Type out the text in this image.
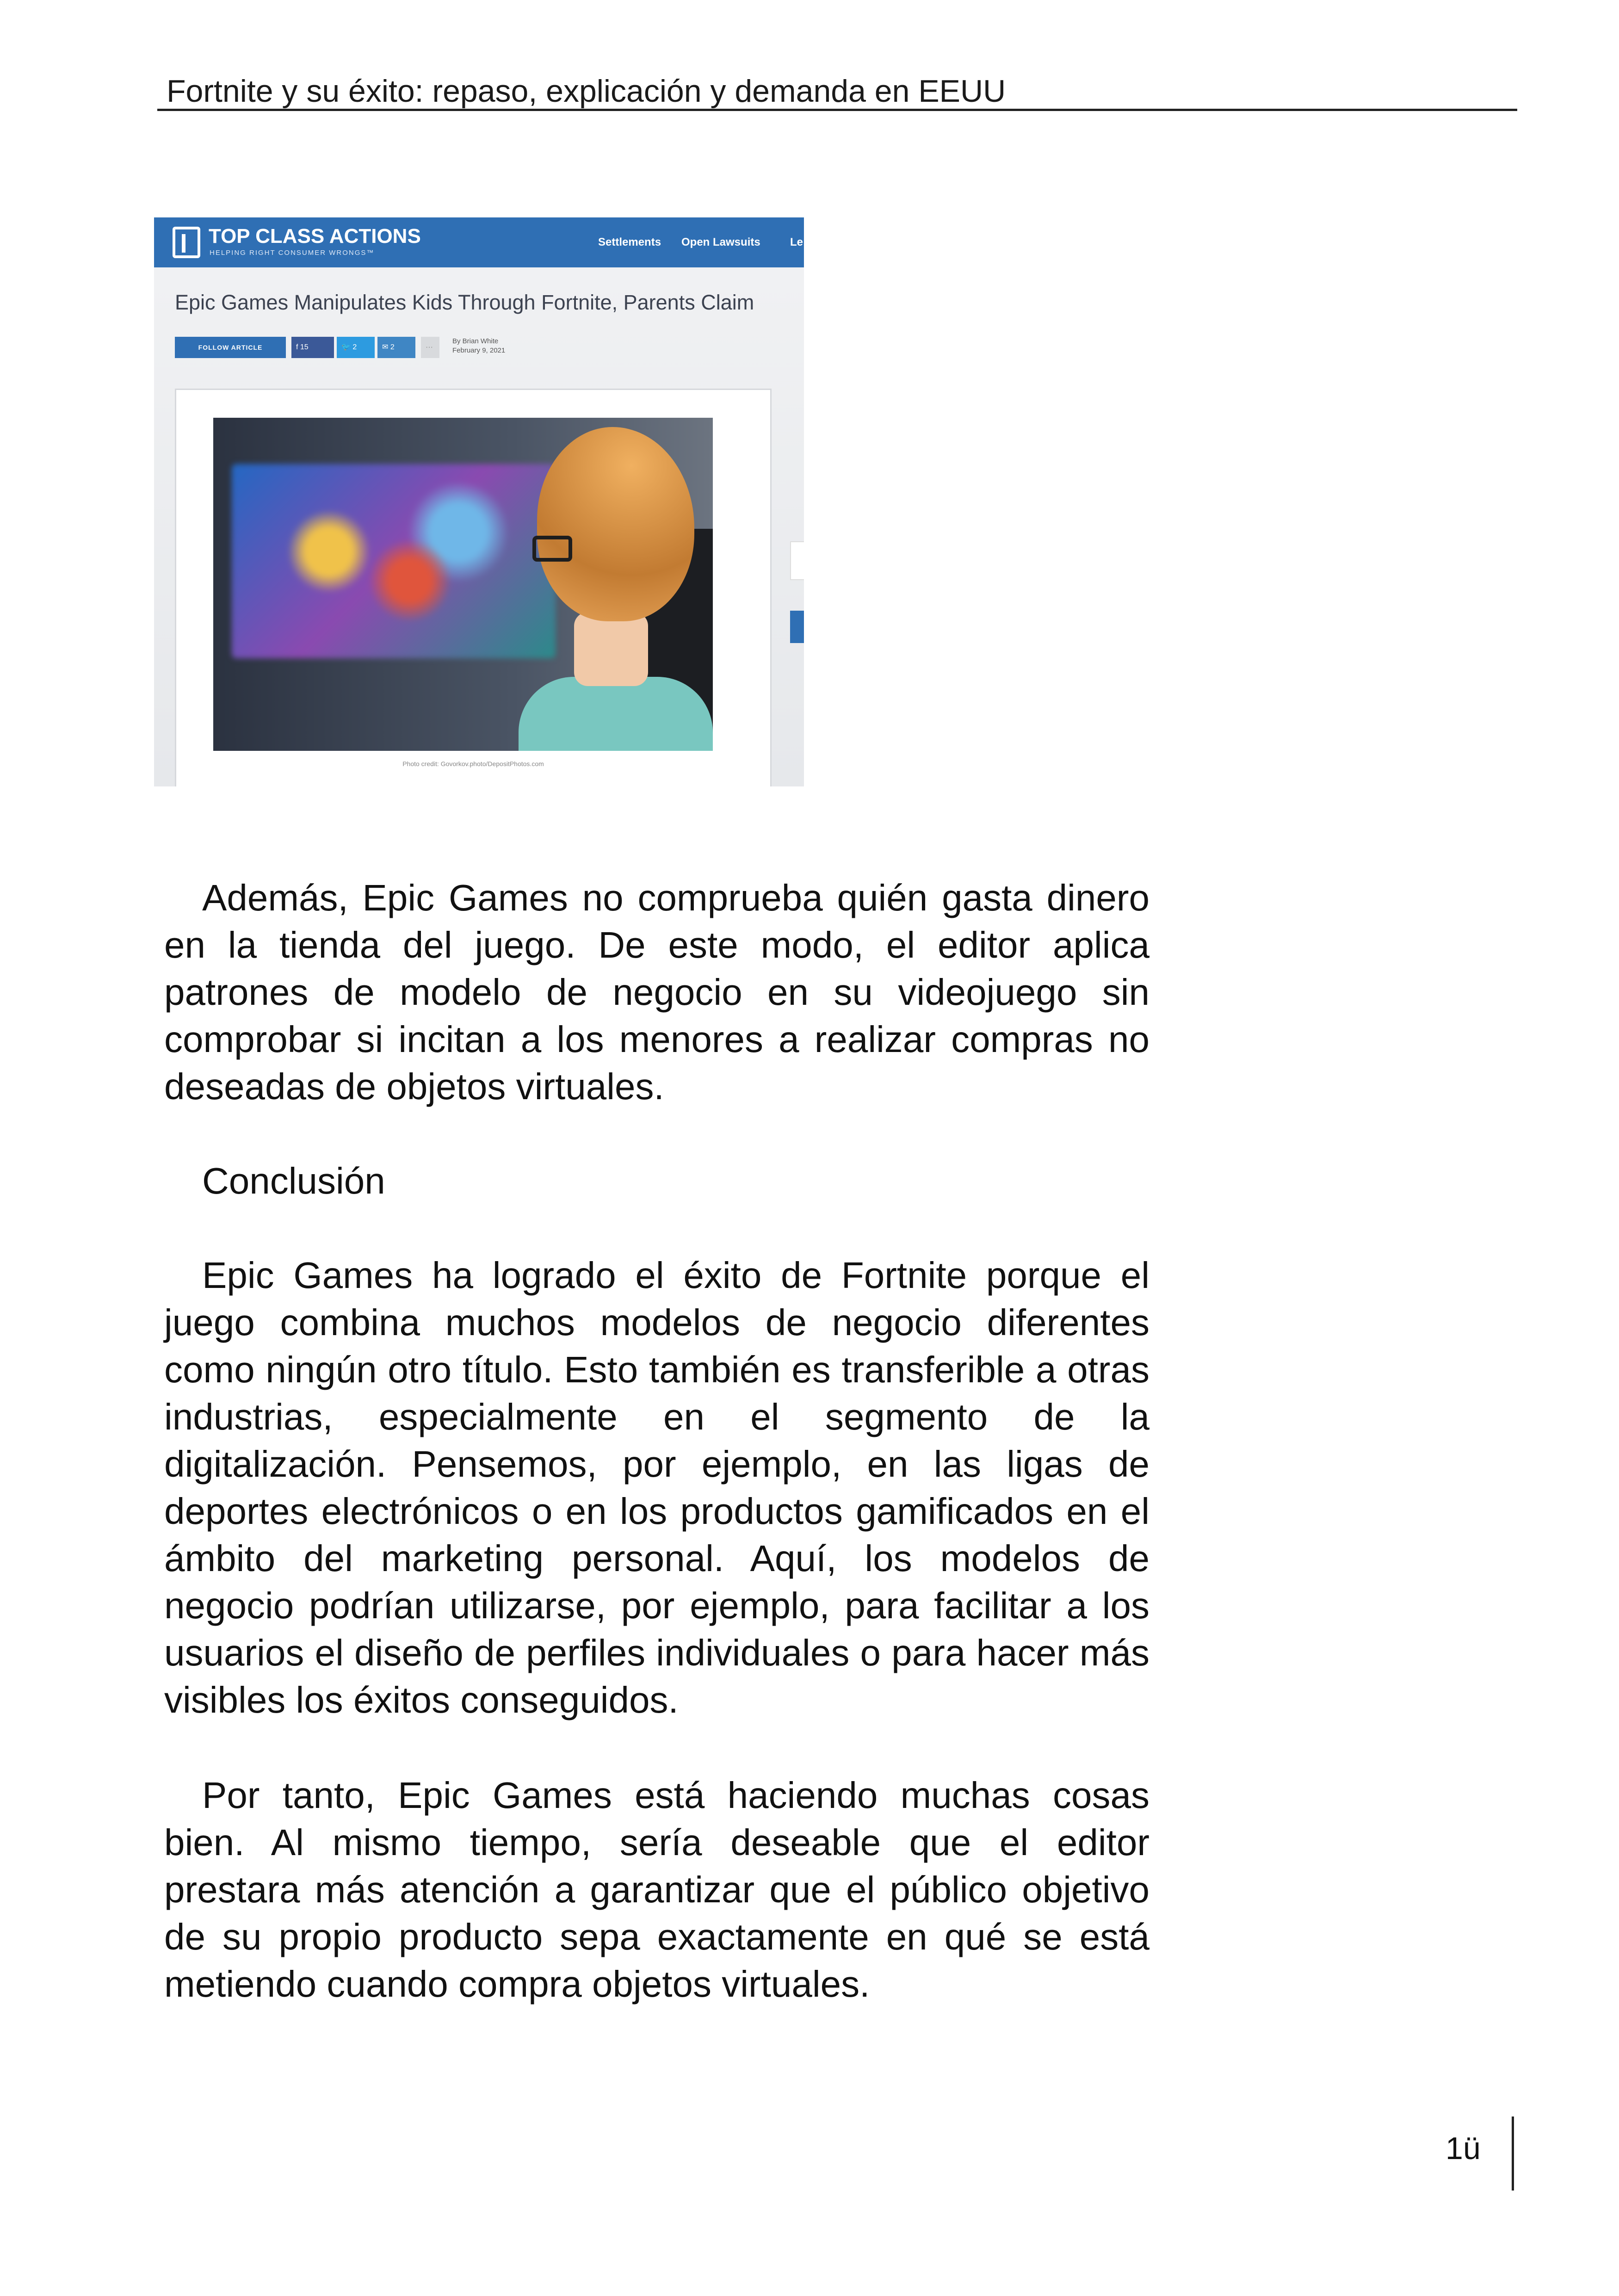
Fortnite y su éxito: repaso, explicación y demanda en EEUU
TOP CLASS ACTIONS
HELPING RIGHT CONSUMER WRONGS™
Settlements Open Lawsuits	Le
Epic Games Manipulates Kids Through Fortnite, Parents Claim
FOLLOW ARTICLE	f 15	🐦 2	✉ 2	···
By Brian White
February 9, 2021
Photo credit: Govorkov.photo/DepositPhotos.com

Además, Epic Games no comprueba quién gasta dinero en la tienda del juego. De este modo, el editor aplica patrones de modelo de negocio en su videojuego sin comprobar si incitan a los menores a realizar compras no deseadas de objetos virtuales.

Conclusión

Epic Games ha logrado el éxito de Fortnite porque el juego combina muchos modelos de negocio diferentes como ningún otro título. Esto también es transferible a otras industrias, especialmente en el segmento de la digitalización. Pensemos, por ejemplo, en las ligas de deportes electrónicos o en los productos gamificados en el ámbito del marketing personal. Aquí, los modelos de negocio podrían utilizarse, por ejemplo, para facilitar a los usuarios el diseño de perfiles individuales o para hacer más visibles los éxitos conseguidos.

Por tanto, Epic Games está haciendo muchas cosas bien. Al mismo tiempo, sería deseable que el editor prestara más atención a garantizar que el público objetivo de su propio producto sepa exactamente en qué se está metiendo cuando compra objetos virtuales.

1ü
